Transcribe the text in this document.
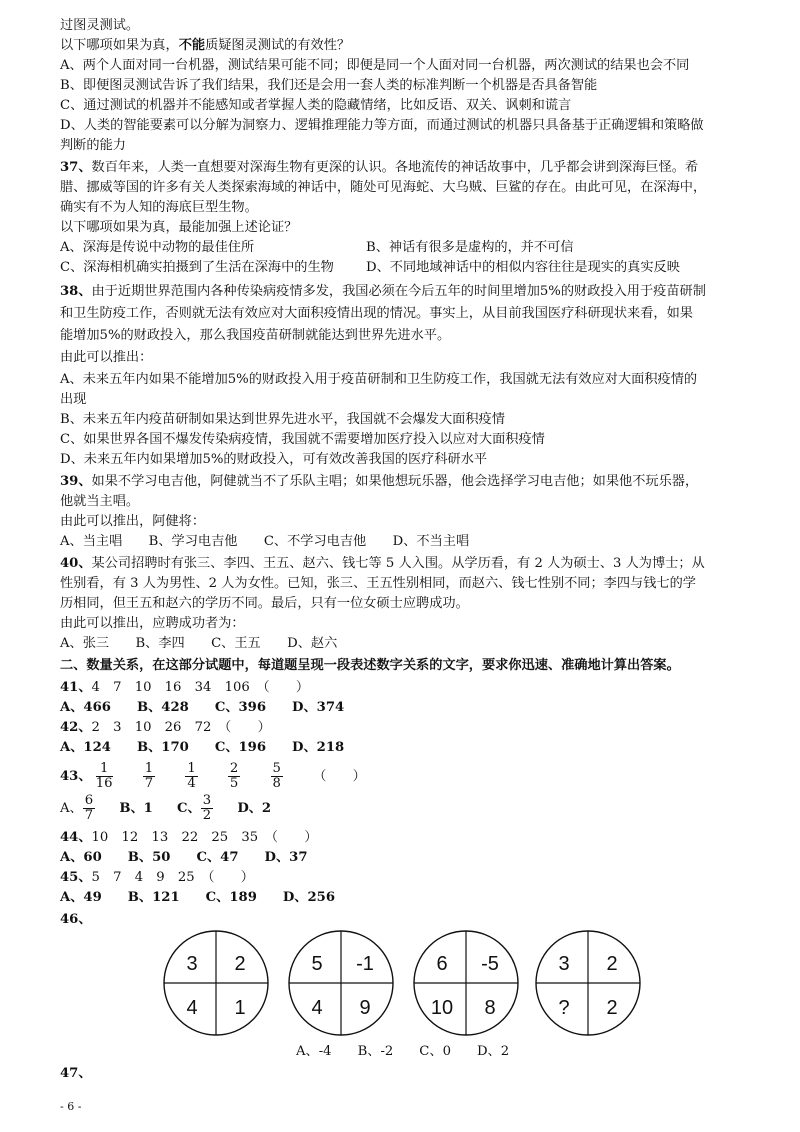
过图灵测试。
以下哪项如果为真，不能质疑图灵测试的有效性？
A、两个人面对同一台机器，测试结果可能不同；即便是同一个人面对同一台机器，两次测试的结果也会不同
B、即便图灵测试告诉了我们结果，我们还是会用一套人类的标准判断一个机器是否具备智能
C、通过测试的机器并不能感知或者掌握人类的隐藏情绪，比如反语、双关、讽刺和谎言
D、人类的智能要素可以分解为洞察力、逻辑推理能力等方面，而通过测试的机器只具备基于正确逻辑和策略做
判断的能力
37、数百年来，人类一直想要对深海生物有更深的认识。各地流传的神话故事中，几乎都会讲到深海巨怪。希
腊、挪威等国的许多有关人类探索海域的神话中，随处可见海蛇、大乌贼、巨鲨的存在。由此可见，在深海中，
确实有不为人知的海底巨型生物。
以下哪项如果为真，最能加强上述论证？
A、深海是传说中动物的最佳住所	B、神话有很多是虚构的，并不可信
C、深海相机确实拍摄到了生活在深海中的生物 D、不同地域神话中的相似内容往往是现实的真实反映
38、由于近期世界范围内各种传染病疫情多发，我国必须在今后五年的时间里增加5%的财政投入用于疫苗研制
和卫生防疫工作，否则就无法有效应对大面积疫情出现的情况。事实上，从目前我国医疗科研现状来看，如果
能增加5%的财政投入，那么我国疫苗研制就能达到世界先进水平。
由此可以推出：
A、未来五年内如果不能增加5%的财政投入用于疫苗研制和卫生防疫工作，我国就无法有效应对大面积疫情的
出现
B、未来五年内疫苗研制如果达到世界先进水平，我国就不会爆发大面积疫情
C、如果世界各国不爆发传染病疫情，我国就不需要增加医疗投入以应对大面积疫情
D、未来五年内如果增加5%的财政投入，可有效改善我国的医疗科研水平
39、如果不学习电吉他，阿健就当不了乐队主唱；如果他想玩乐器，他会选择学习电吉他；如果他不玩乐器，
他就当主唱。
由此可以推出，阿健将：
A、当主唱　　B、学习电吉他　　C、不学习电吉他　　D、不当主唱
40、某公司招聘时有张三、李四、王五、赵六、钱七等 5 人入围。从学历看，有 2 人为硕士、3 人为博士；从
性别看，有 3 人为男性、2 人为女性。已知，张三、王五性别相同，而赵六、钱七性别不同；李四与钱七的学
历相同，但王五和赵六的学历不同。最后，只有一位女硕士应聘成功。
由此可以推出，应聘成功者为：
A、张三　　B、李四　　C、王五　　D、赵六
二、数量关系，在这部分试题中，每道题呈现一段表述数字关系的文字，要求你迅速、准确地计算出答案。
41、4　7　10　16　34　106　（　　）
A、466 B、428 C、396 D、374
42、2　3　10　26　72　（　　）
A、124 B、170 C、196 D、218
43、 $\frac{1}{16}$
$\frac{1}{7}$
$\frac{1}{4}$
$\frac{2}{5}$
$\frac{5}{8}$ （　　）
A、 $\frac{6}{7}$ B、1 C、 $\frac{3}{2}$ D、2
44、10　12　13　22　25　35　（　　）
A、60 B、50 C、47 D、37
45、5　7　4　9　25　（　　）
A、49 B、121 C、189 D、256
46、
3 2
4 1
5 -1
4 9
6 -5
10 8
3 2
? 2
A、-4 B、-2 C、0 D、2
47、
- 6 -
